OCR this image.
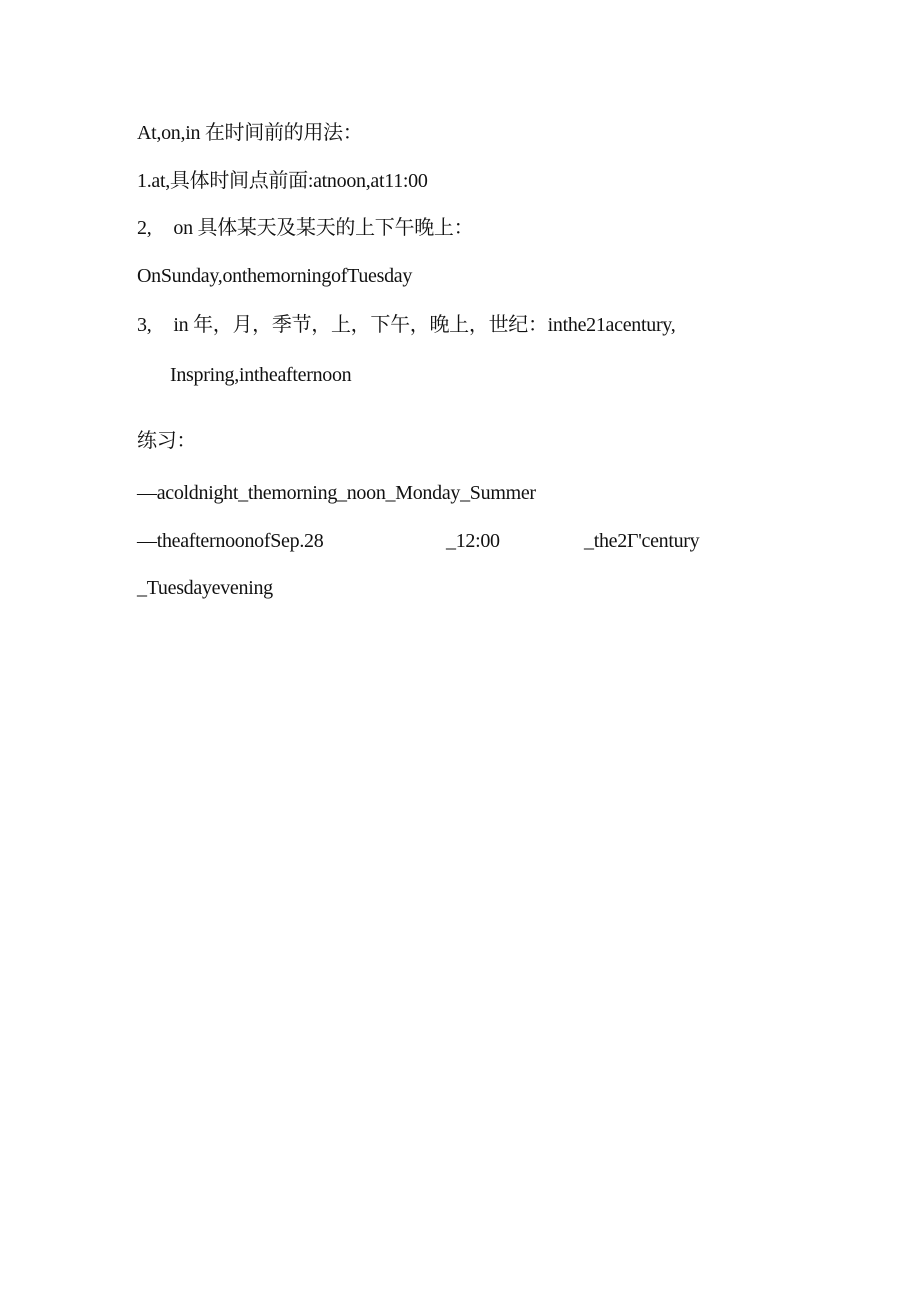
At,on,in 在时间前的用法：
1.at,具体时间点前面:atnoon,at11:00
2, on 具体某天及某天的上下午晚上：
OnSunday,onthemorningofTuesday
3, in 年，月，季节，上，下午，晚上，世纪：inthe21acentury,
Inspring,intheafternoon
练习：
—acoldnight_themorning_noon_Monday_Summer
—theafternoonofSep.28	_12:00	_the2Γ'century
_Tuesdayevening
